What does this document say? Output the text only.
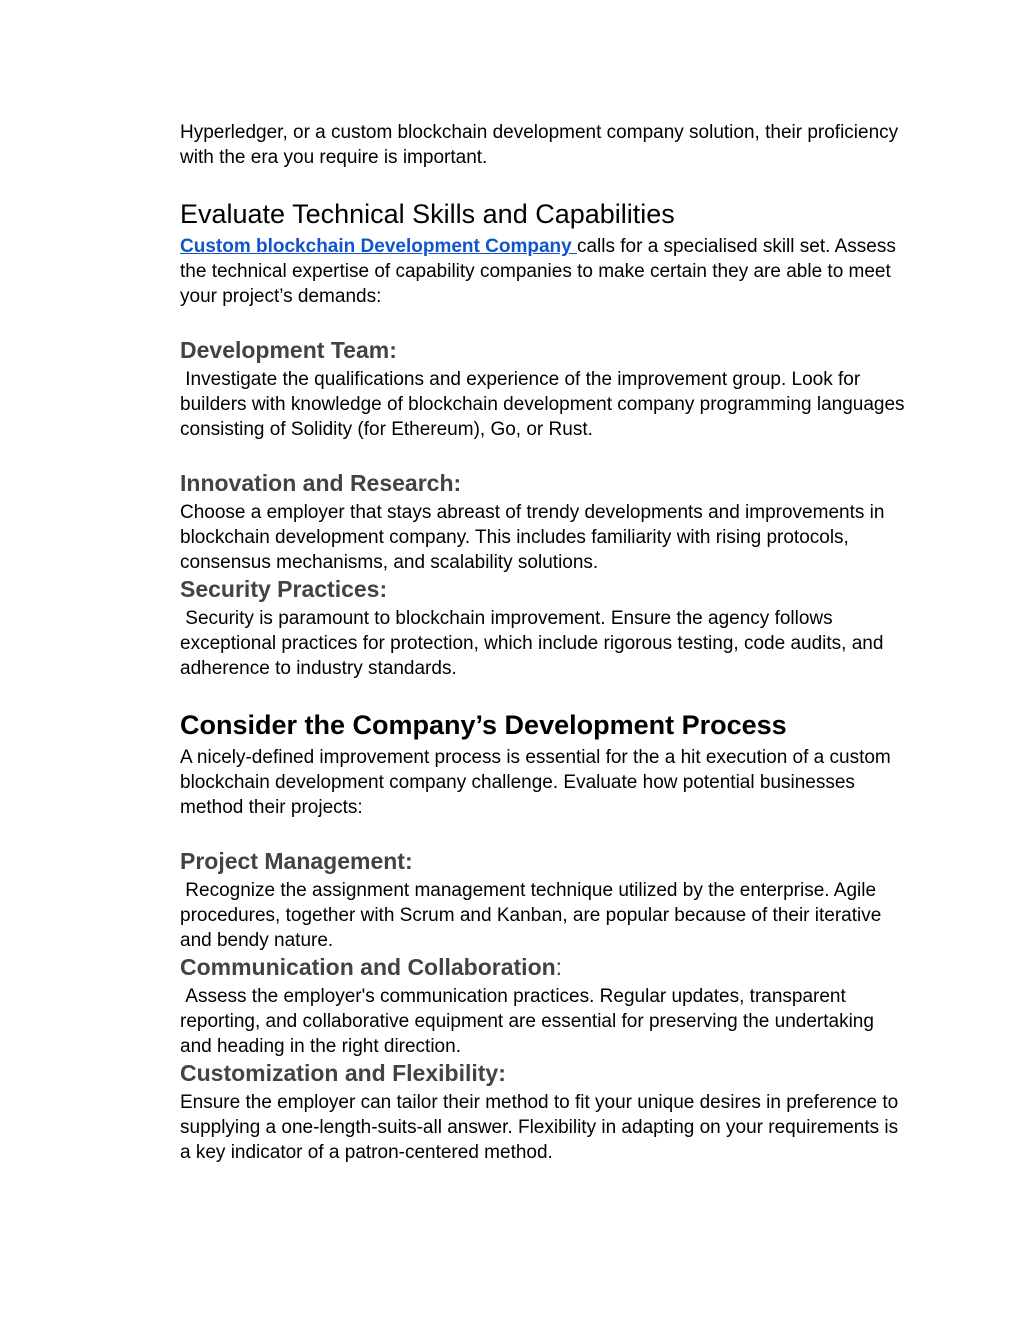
Hyperledger, or a custom blockchain development company solution, their proficiency with the era you require is important.

Evaluate Technical Skills and Capabilities

Custom blockchain Development Company calls for a specialised skill set. Assess the technical expertise of capability companies to make certain they are able to meet your project’s demands:

Development Team:

Investigate the qualifications and experience of the improvement group. Look for builders with knowledge of blockchain development company programming languages consisting of Solidity (for Ethereum), Go, or Rust.

Innovation and Research:

Choose a employer that stays abreast of trendy developments and improvements in blockchain development company. This includes familiarity with rising protocols, consensus mechanisms, and scalability solutions.

Security Practices:

Security is paramount to blockchain improvement. Ensure the agency follows exceptional practices for protection, which include rigorous testing, code audits, and adherence to industry standards.

Consider the Company’s Development Process

A nicely-defined improvement process is essential for the a hit execution of a custom blockchain development company challenge. Evaluate how potential businesses method their projects:

Project Management:

Recognize the assignment management technique utilized by the enterprise. Agile procedures, together with Scrum and Kanban, are popular because of their iterative and bendy nature.

Communication and Collaboration:

Assess the employer's communication practices. Regular updates, transparent reporting, and collaborative equipment are essential for preserving the undertaking and heading in the right direction.

Customization and Flexibility:

Ensure the employer can tailor their method to fit your unique desires in preference to supplying a one-length-suits-all answer. Flexibility in adapting on your requirements is a key indicator of a patron-centered method.
